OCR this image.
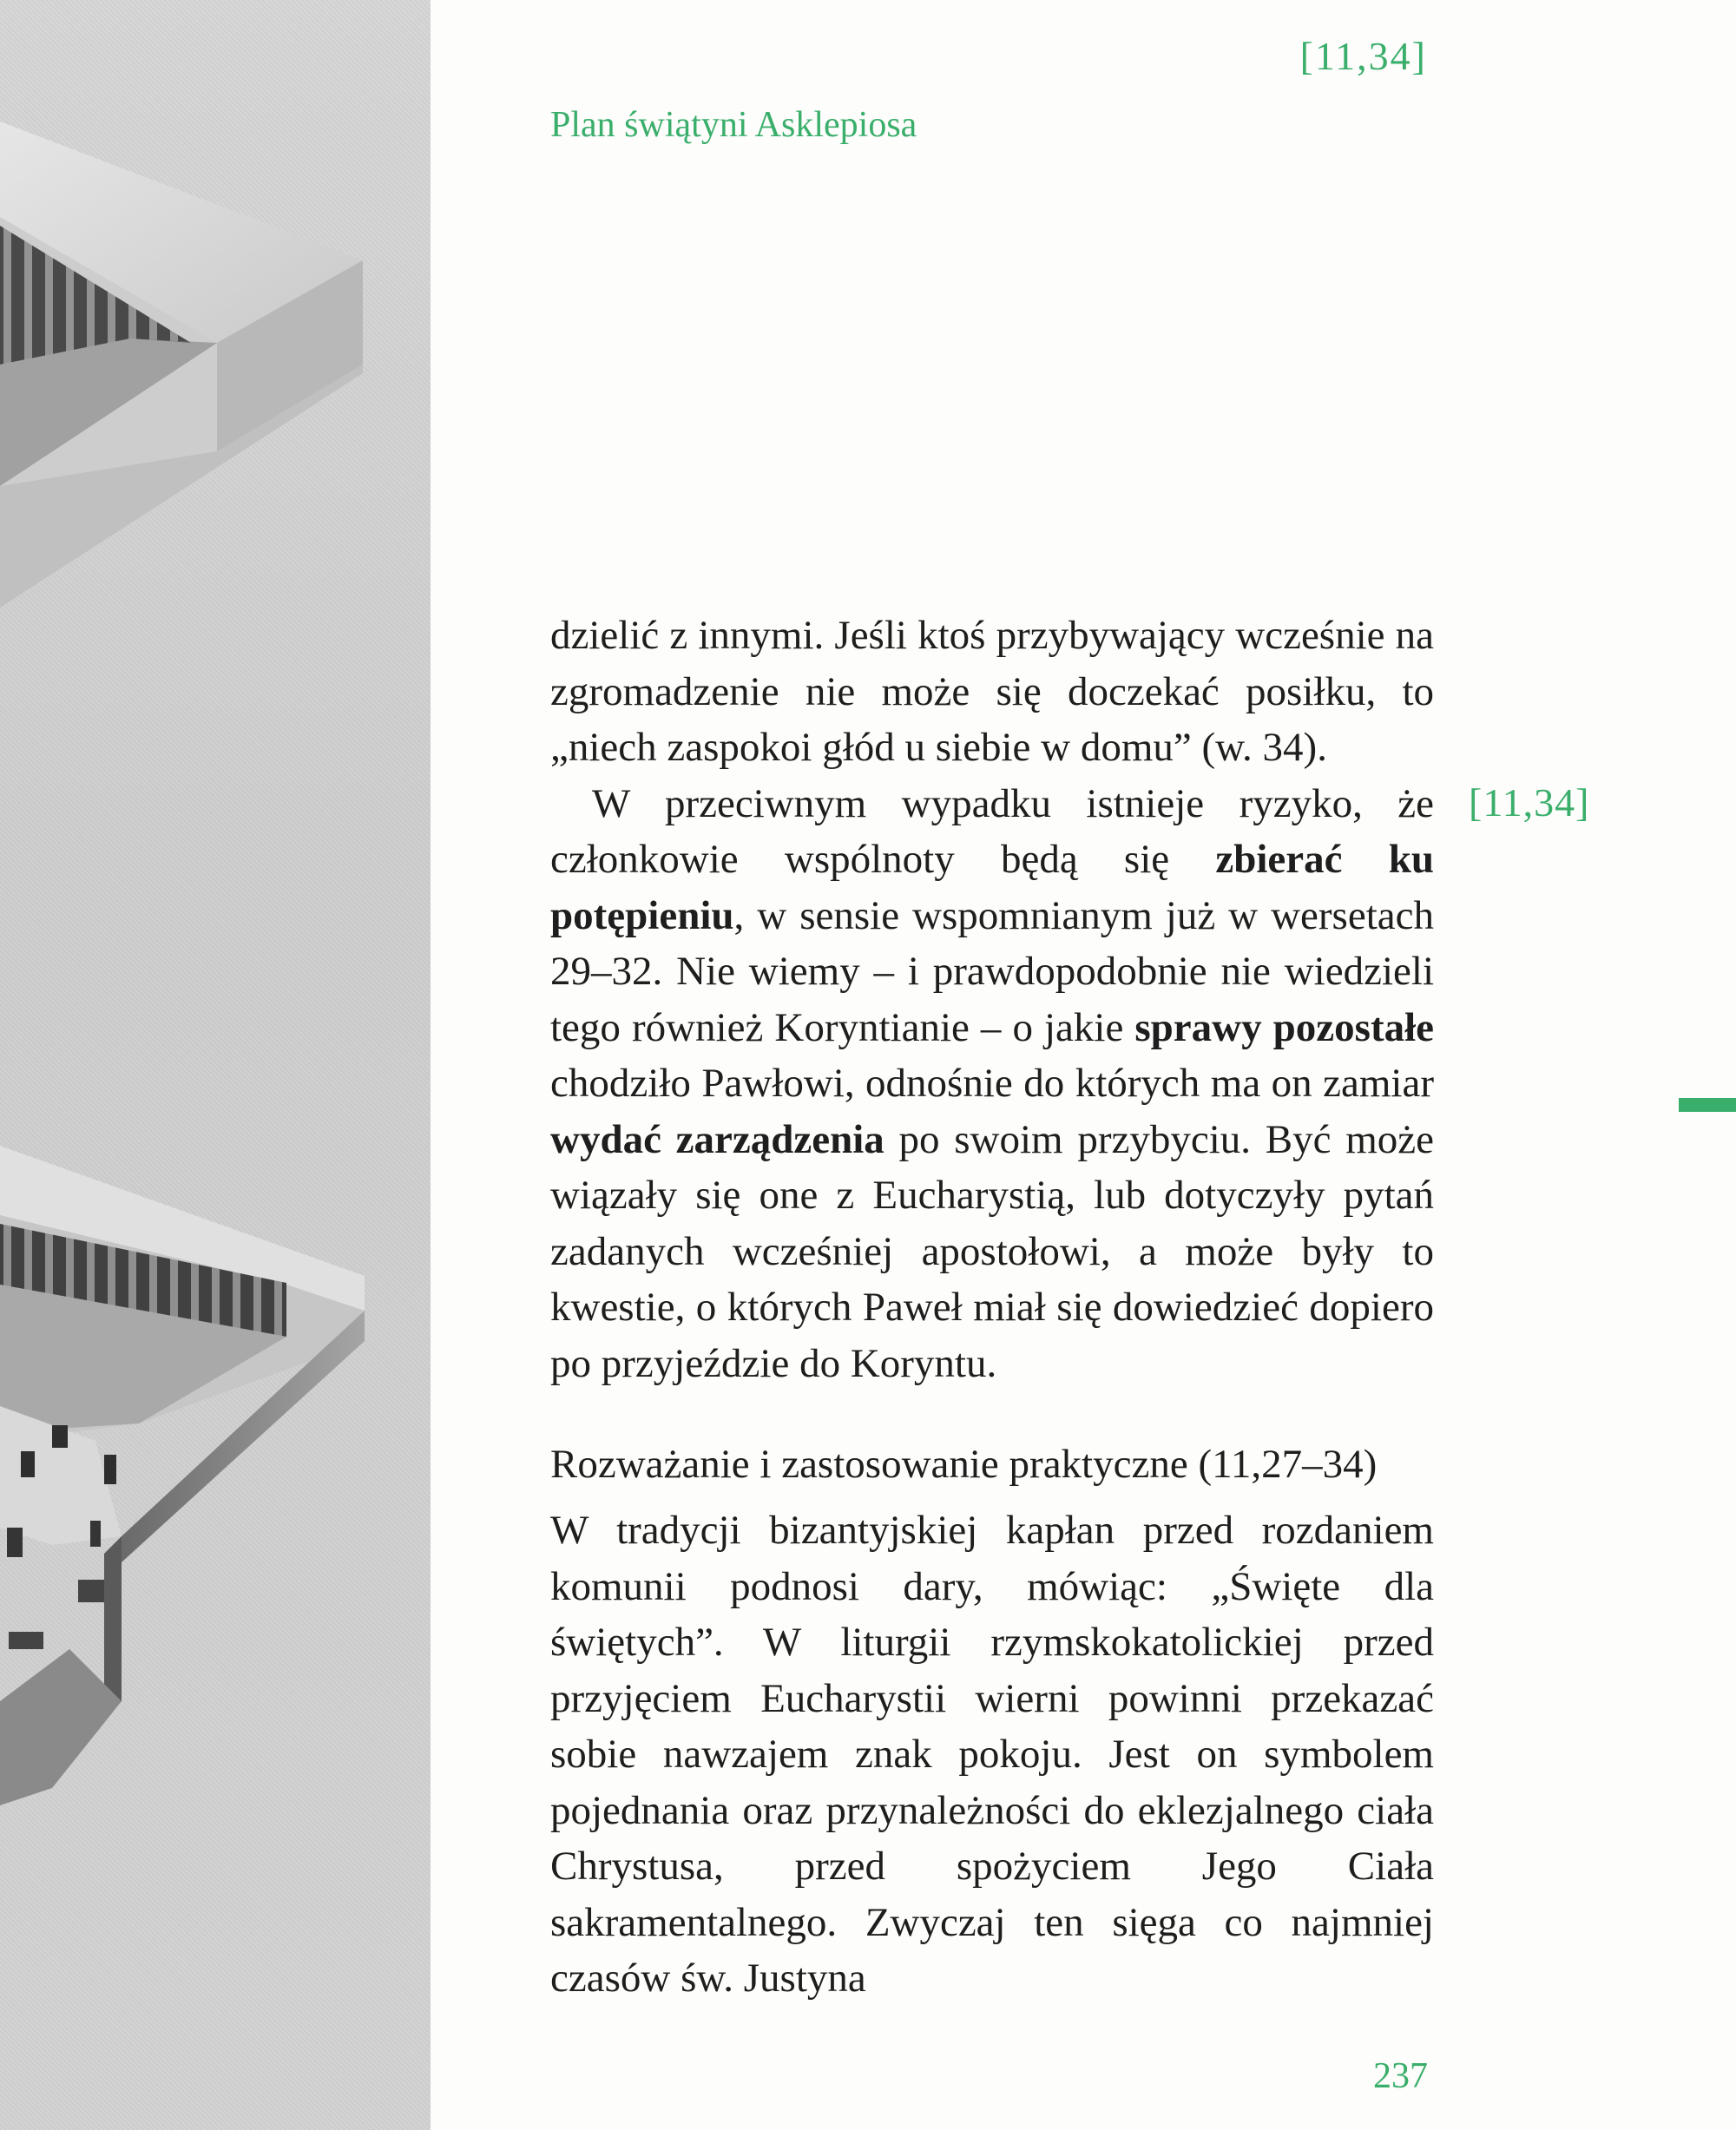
[11,34]
Plan świątyni Asklepiosa

dzielić z innymi. Jeśli ktoś przybywający wcześnie na zgromadzenie nie może się doczekać posiłku, to „niech zaspokoi głód u siebie w domu” (w. 34).

W przeciwnym wypadku istnieje ryzyko, że członkowie wspólnoty będą się zbierać ku potępieniu, w sensie wspomnianym już w wersetach 29–32. Nie wiemy – i prawdopodobnie nie wiedzieli tego również Koryntianie – o jakie sprawy pozostałe chodziło Pawłowi, odnośnie do których ma on zamiar wydać zarządzenia po swoim przybyciu. Być może wiązały się one z Eucharystią, lub dotyczyły pytań zadanych wcześniej apostołowi, a może były to kwestie, o których Paweł miał się dowiedzieć dopiero po przyjeździe do Koryntu.

[11,34]
Rozważanie i zastosowanie praktyczne (11,27–34)

W tradycji bizantyjskiej kapłan przed rozdaniem komunii podnosi dary, mówiąc: „Święte dla świętych”. W liturgii rzymskokatolickiej przed przyjęciem Eucharystii wierni powinni przekazać sobie nawzajem znak pokoju. Jest on symbolem pojednania oraz przynależności do eklezjalnego ciała Chrystusa, przed spożyciem Jego Ciała sakramentalnego. Zwyczaj ten sięga co najmniej czasów św. Justyna

237
